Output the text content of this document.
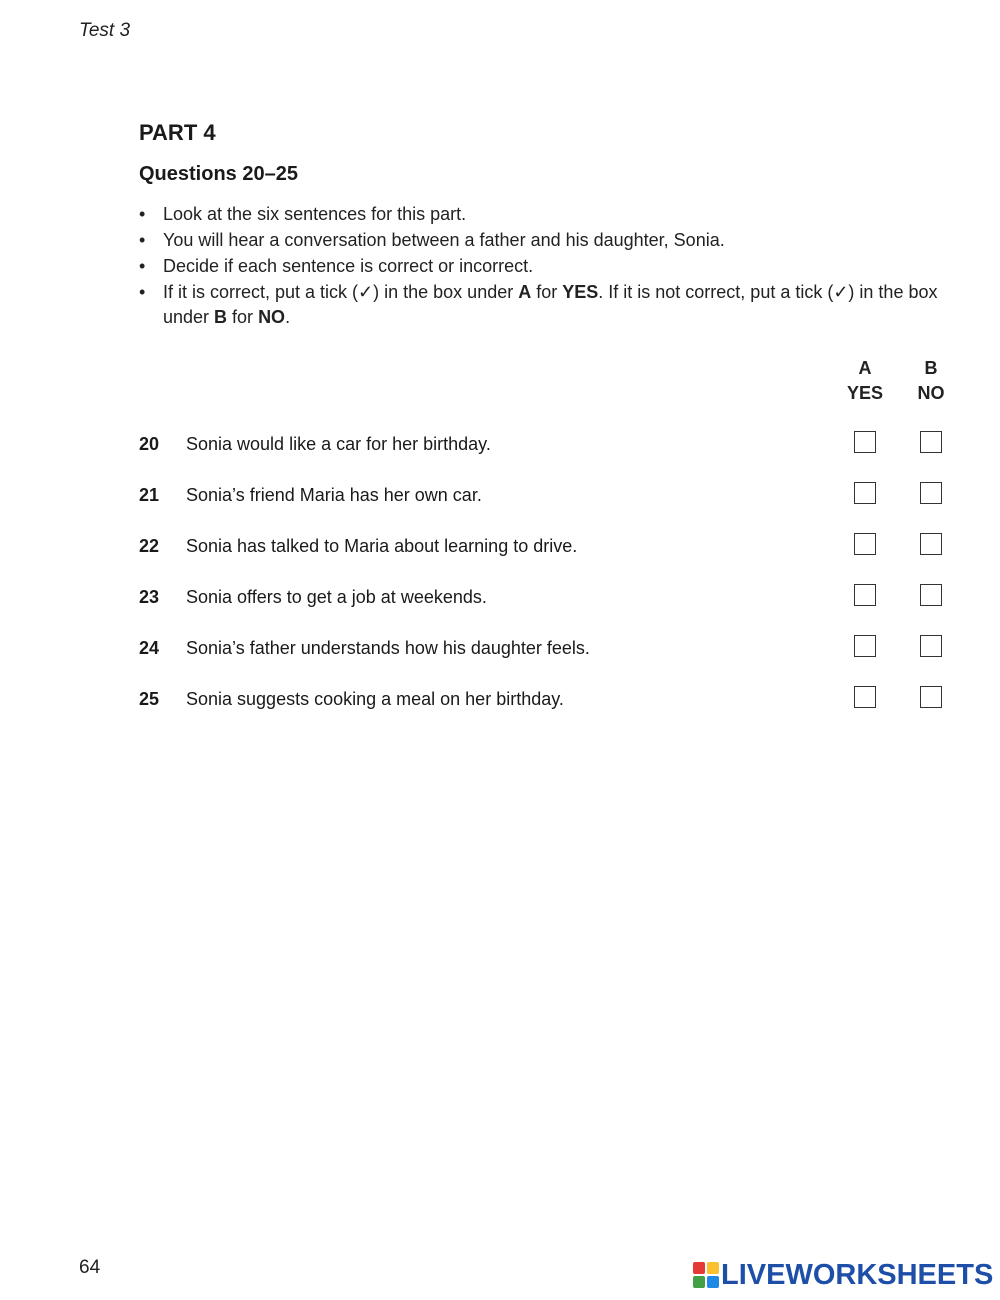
Test 3
PART 4
Questions 20–25
• Look at the six sentences for this part.
• You will hear a conversation between a father and his daughter, Sonia.
• Decide if each sentence is correct or incorrect.
• If it is correct, put a tick (✓) in the box under A for YES. If it is not correct, put a tick (✓) in the box under B for NO.
A
YES
B
NO
20 Sonia would like a car for her birthday.
21 Sonia’s friend Maria has her own car.
22 Sonia has talked to Maria about learning to drive.
23 Sonia offers to get a job at weekends.
24 Sonia’s father understands how his daughter feels.
25 Sonia suggests cooking a meal on her birthday.
64	LIVEWORKSHEETS
